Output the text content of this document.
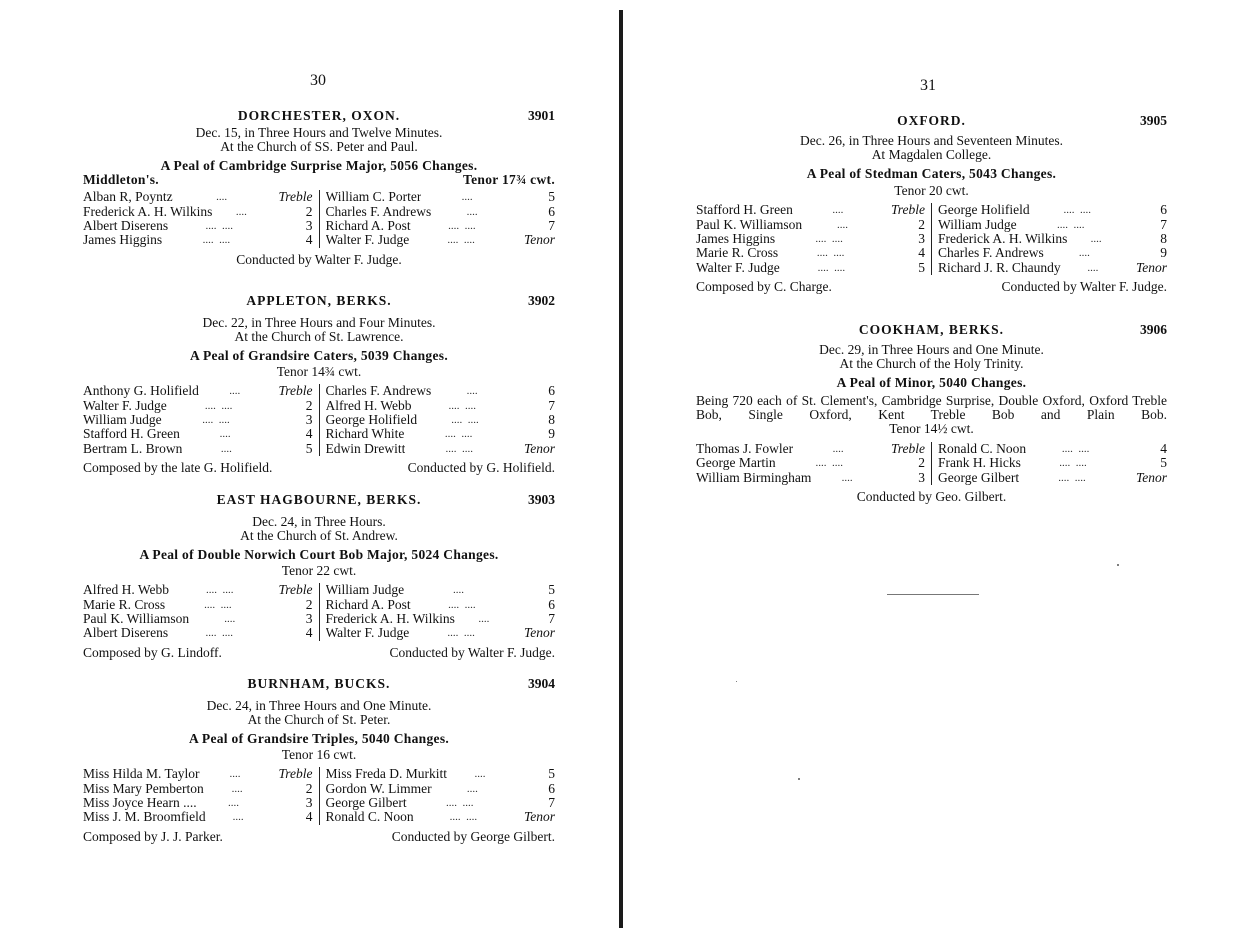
30
DORCHESTER, OXON.	3901
Dec. 15, in Three Hours and Twelve Minutes.
At the Church of SS. Peter and Paul.
A Peal of Cambridge Surprise Major, 5056 Changes.
Middleton's.	Tenor 17¾ cwt.
Alban R, Poyntz	....	Treble
Frederick A. H. Wilkins	....	2
Albert Diserens	....  ....	3
James Higgins	....  ....	4
William C. Porter	....	5
Charles F. Andrews	....	6
Richard A. Post	....  ....	7
Walter F. Judge	....  ....	Tenor
Conducted by Walter F. Judge.
APPLETON, BERKS.	3902
Dec. 22, in Three Hours and Four Minutes.
At the Church of St. Lawrence.
A Peal of Grandsire Caters, 5039 Changes.
Tenor 14¾ cwt.
Anthony G. Holifield	....	Treble
Walter F. Judge	....  ....	2
William Judge	....  ....	3
Stafford H. Green	....	4
Bertram L. Brown	....	5
Charles F. Andrews	....	6
Alfred H. Webb	....  ....	7
George Holifield	....  ....	8
Richard White	....  ....	9
Edwin Drewitt	....  ....	Tenor
Composed by the late G. Holifield.	Conducted by G. Holifield.
EAST HAGBOURNE, BERKS.	3903
Dec. 24, in Three Hours.
At the Church of St. Andrew.
A Peal of Double Norwich Court Bob Major, 5024 Changes.
Tenor 22 cwt.
Alfred H. Webb	....  ....	Treble
Marie R. Cross	....  ....	2
Paul K. Williamson	....	3
Albert Diserens	....  ....	4
William Judge	....	5
Richard A. Post	....  ....	6
Frederick A. H. Wilkins	....	7
Walter F. Judge	....  ....	Tenor
Composed by G. Lindoff.	Conducted by Walter F. Judge.
BURNHAM, BUCKS.	3904
Dec. 24, in Three Hours and One Minute.
At the Church of St. Peter.
A Peal of Grandsire Triples, 5040 Changes.
Tenor 16 cwt.
Miss Hilda M. Taylor	....	Treble
Miss Mary Pemberton	....	2
Miss Joyce Hearn ....	....	3
Miss J. M. Broomfield	....	4
Miss Freda D. Murkitt	....	5
Gordon W. Limmer	....	6
George Gilbert	....  ....	7
Ronald C. Noon	....  ....	Tenor
Composed by J. J. Parker.	Conducted by George Gilbert.
31
OXFORD.	3905
Dec. 26, in Three Hours and Seventeen Minutes.
At Magdalen College.
A Peal of Stedman Caters, 5043 Changes.
Tenor 20 cwt.
Stafford H. Green	....	Treble
Paul K. Williamson	....	2
James Higgins	....  ....	3
Marie R. Cross	....  ....	4
Walter F. Judge	....  ....	5
George Holifield	....  ....	6
William Judge	....  ....	7
Frederick A. H. Wilkins	....	8
Charles F. Andrews	....	9
Richard J. R. Chaundy	....	Tenor
Composed by C. Charge.	Conducted by Walter F. Judge.
COOKHAM, BERKS.	3906
Dec. 29, in Three Hours and One Minute.
At the Church of the Holy Trinity.
A Peal of Minor, 5040 Changes.
Being 720 each of St. Clement's, Cambridge Surprise, Double Oxford, Oxford Treble Bob, Single Oxford, Kent Treble Bob and Plain Bob.
Tenor 14½ cwt.
Thomas J. Fowler	....	Treble
George Martin	....  ....	2
William Birmingham	....	3
Ronald C. Noon	....  ....	4
Frank H. Hicks	....  ....	5
George Gilbert	....  ....	Tenor
Conducted by Geo. Gilbert.
